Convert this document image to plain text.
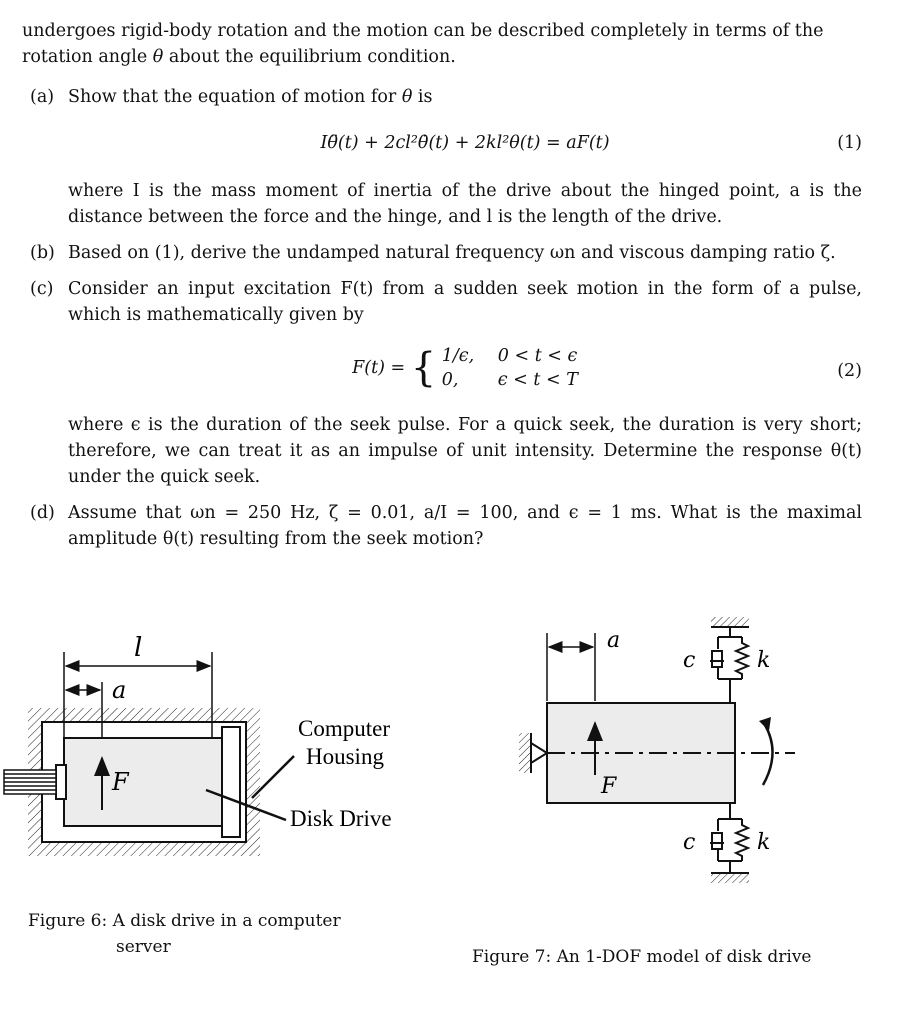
undergoes rigid-body rotation and the motion can be described completely in terms of the
rotation angle θ about the equilibrium condition.

(a) Show that the equation of motion for θ is
Iθ̈(t) + 2cl²θ̇(t) + 2kl²θ(t) = aF(t)	(1)
where I is the mass moment of inertia of the drive about the hinged point, a is the distance between the force and the hinge, and l is the length of the drive.
(b) Based on (1), derive the undamped natural frequency ωn and viscous damping ratio ζ.
(c) Consider an input excitation F(t) from a sudden seek motion in the form of a pulse, which is mathematically given by
F(t) = { 1/ϵ, 0 < t < ϵ
0, ϵ < t < T	(2)
where ϵ is the duration of the seek pulse. For a quick seek, the duration is very short; therefore, we can treat it as an impulse of unit intensity. Determine the response θ(t) under the quick seek.
(d) Assume that ωn = 250 Hz, ζ = 0.01, a/I = 100, and ϵ = 1 ms. What is the maximal amplitude θ(t) resulting from the seek motion?
l
a
F
Computer
Housing
Disk Drive
Figure 6: A disk drive in a computer
server
a
F
c	k
c	k
Figure 7: An 1-DOF model of disk drive
